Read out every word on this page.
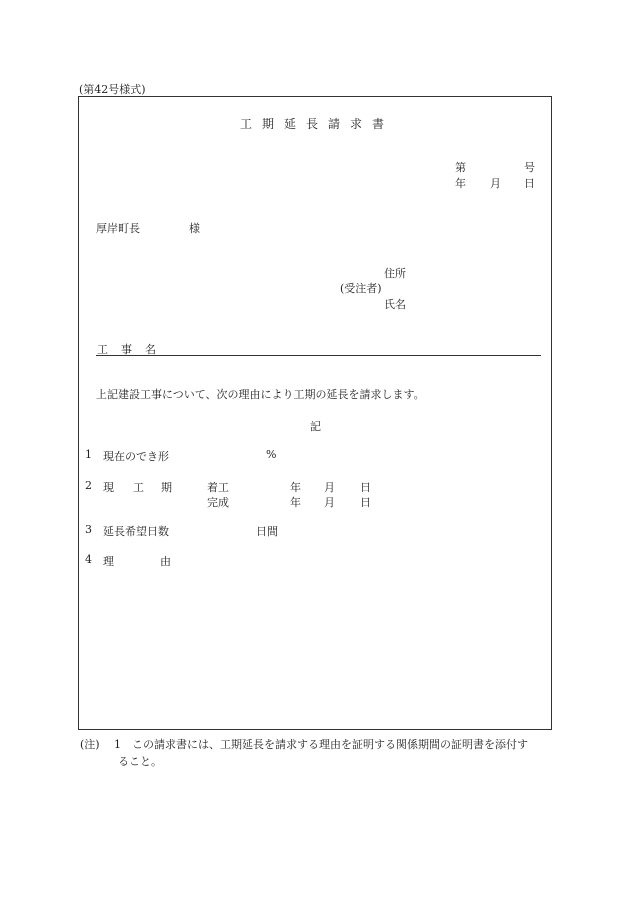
(第42号様式)
工 期 延 長 請 求 書
第	号
年 月 日
厚岸町長	様
住所
(受注者)
氏名
工 事 名
上記建設工事について、次の理由により工期の延長を請求します。
記
1 現在のでき形	%
2 現 工 期	着工	年 月 日
完成	年 月 日
3 延長希望日数	日間
4 理	由
(注) 1 この請求書には、工期延長を請求する理由を証明する関係期間の証明書を添付す
ること。
